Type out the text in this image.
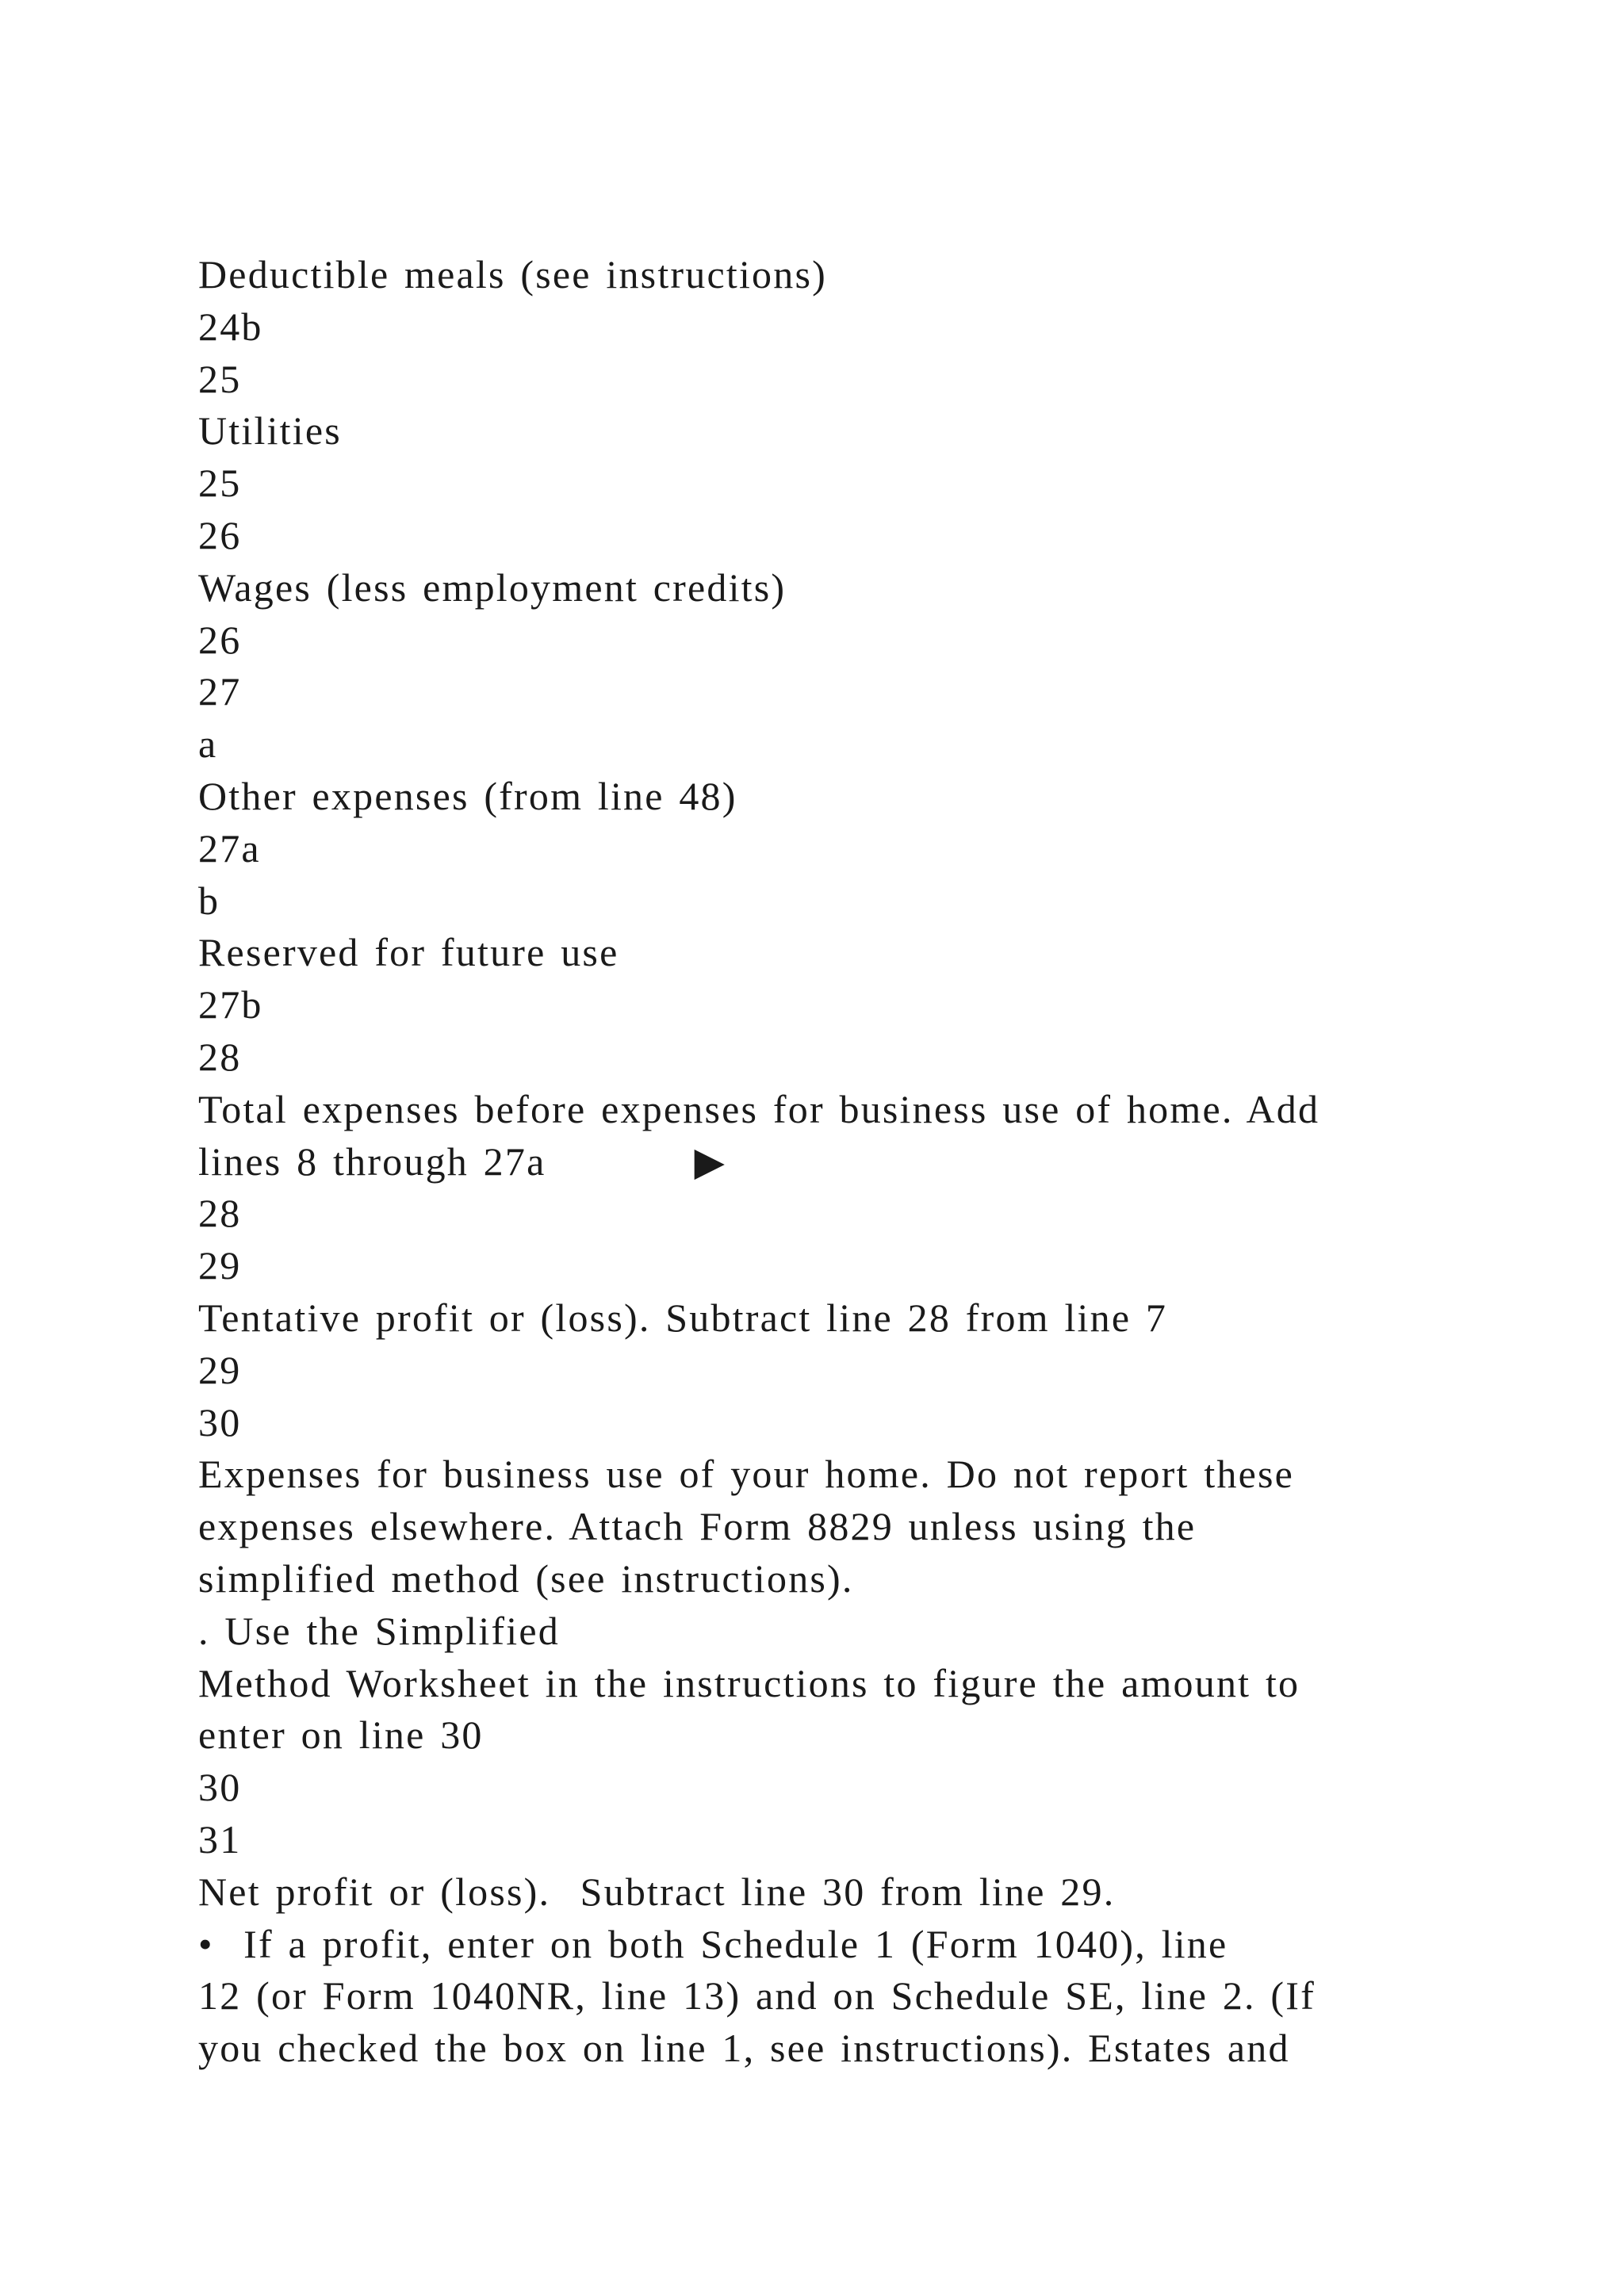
Deductible meals (see instructions)
24b
25
Utilities
25
26
Wages (less employment credits)
26
27
a
Other expenses (from line 48)
27a
b
Reserved for future use
27b
28
Total expenses before expenses for business use of home. Add
lines 8 through 27a          ▶
28
29
Tentative profit or (loss). Subtract line 28 from line 7
29
30
Expenses for business use of your home. Do not report these
expenses elsewhere. Attach Form 8829 unless using the
simplified method (see instructions).
. Use the Simplified
Method Worksheet in the instructions to figure the amount to
enter on line 30
30
31
Net profit or (loss).  Subtract line 30 from line 29.
•  If a profit, enter on both Schedule 1 (Form 1040), line
12 (or Form 1040NR, line 13) and on Schedule SE, line 2. (If
you checked the box on line 1, see instructions). Estates and
